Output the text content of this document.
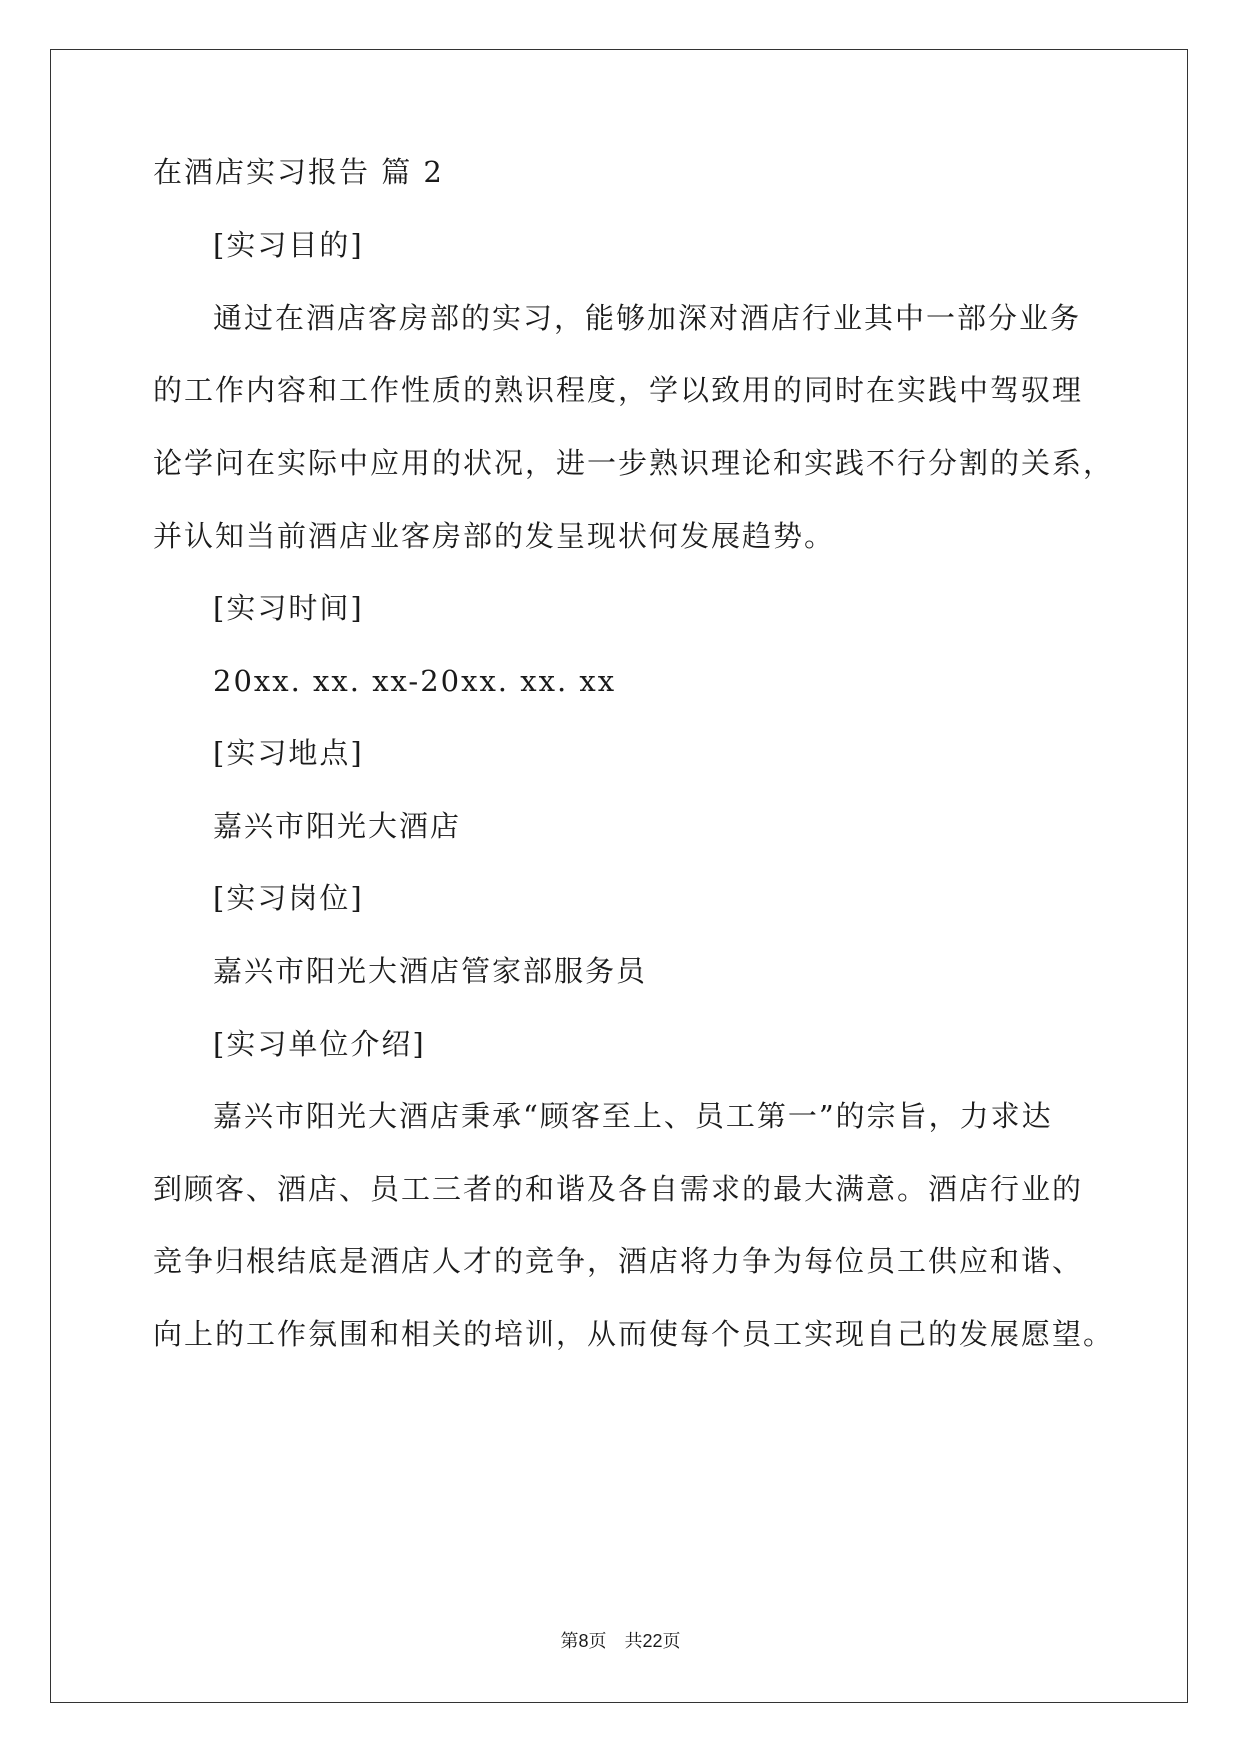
在酒店实习报告 篇 2
[实习目的]
通过在酒店客房部的实习，能够加深对酒店行业其中一部分业务
的工作内容和工作性质的熟识程度，学以致用的同时在实践中驾驭理
论学问在实际中应用的状况，进一步熟识理论和实践不行分割的关系，
并认知当前酒店业客房部的发呈现状何发展趋势。
[实习时间]
20xx. xx. xx-20xx. xx. xx
[实习地点]
嘉兴市阳光大酒店
[实习岗位]
嘉兴市阳光大酒店管家部服务员
[实习单位介绍]
嘉兴市阳光大酒店秉承“顾客至上、员工第一”的宗旨，力求达
到顾客、酒店、员工三者的和谐及各自需求的最大满意。酒店行业的
竞争归根结底是酒店人才的竞争，酒店将力争为每位员工供应和谐、
向上的工作氛围和相关的培训，从而使每个员工实现自己的发展愿望。
第8页　共22页
